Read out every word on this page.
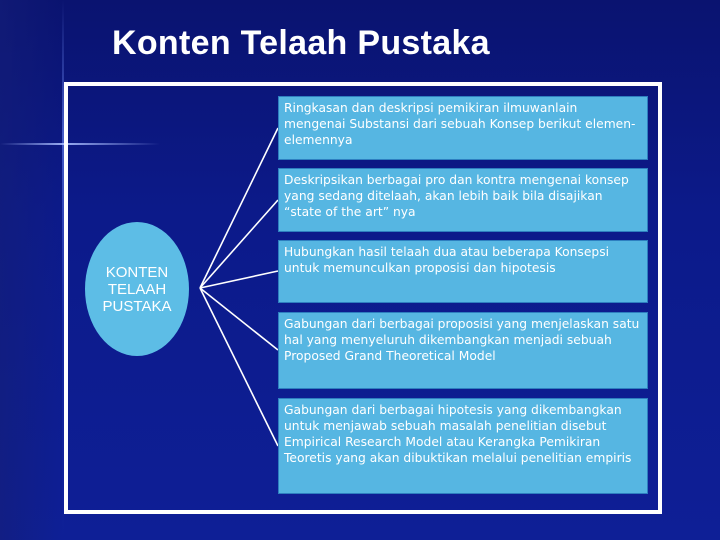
Konten Telaah Pustaka
KONTEN
TELAAH
PUSTAKA
Ringkasan dan deskripsi pemikiran ilmuwanlain mengenai Substansi dari sebuah Konsep berikut elemen-elemennya
Deskripsikan berbagai pro dan kontra mengenai konsep yang sedang ditelaah, akan lebih baik bila disajikan “state of the art” nya
Hubungkan hasil telaah dua atau beberapa Konsepsi untuk memunculkan proposisi dan hipotesis
Gabungan dari berbagai proposisi yang menjelaskan satu hal yang menyeluruh dikembangkan menjadi sebuah Proposed Grand Theoretical Model
Gabungan dari berbagai hipotesis yang dikembangkan untuk menjawab sebuah masalah penelitian disebut Empirical Research Model atau Kerangka Pemikiran Teoretis yang akan dibuktikan melalui penelitian empiris
